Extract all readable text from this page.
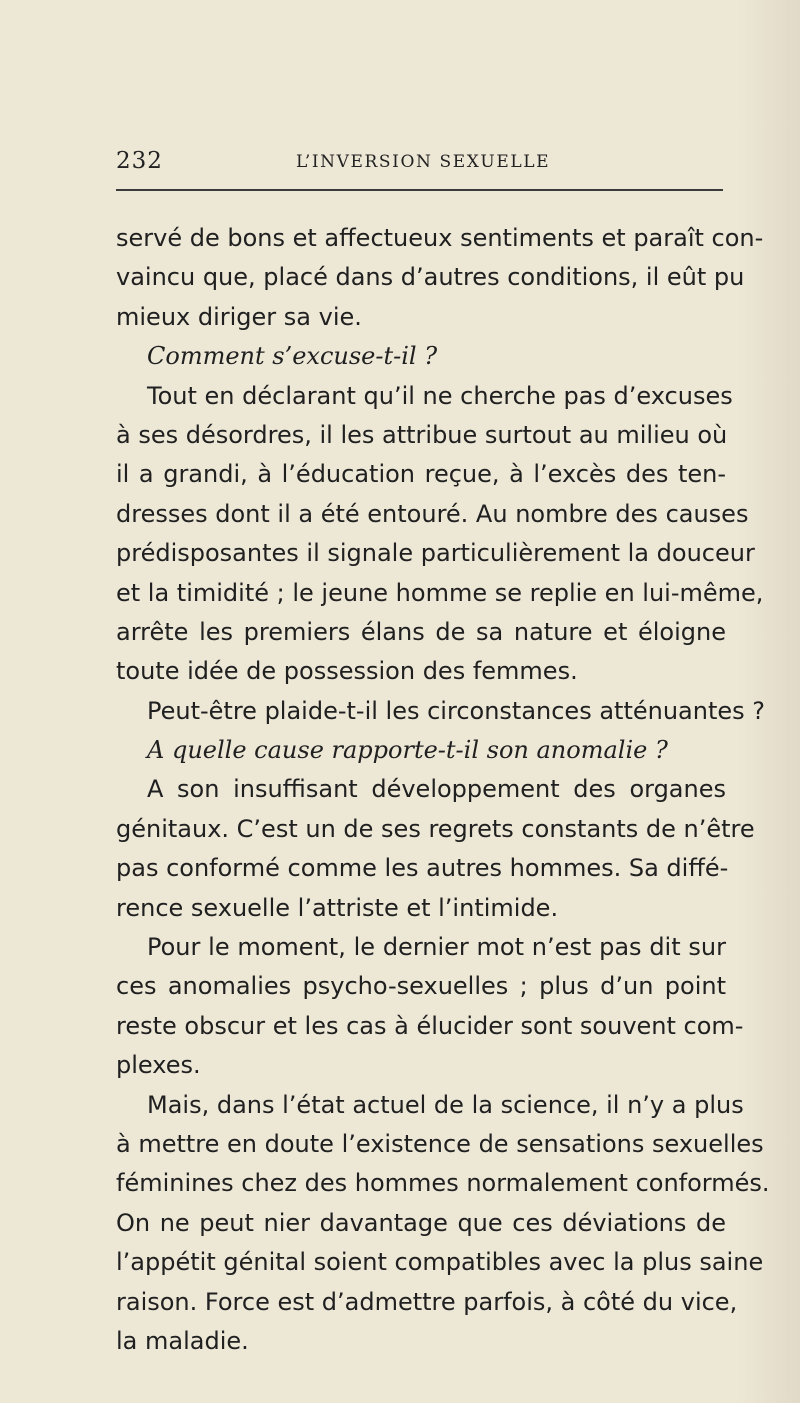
232	L’INVERSION SEXUELLE
servé de bons et affectueux sentiments et paraît con-
vaincu que, placé dans d’autres conditions, il eût pu
mieux diriger sa vie.
Comment s’excuse-t-il ?
Tout en déclarant qu’il ne cherche pas d’excuses
à ses désordres, il les attribue surtout au milieu où
il a grandi, à l’éducation reçue, à l’excès des ten-
dresses dont il a été entouré. Au nombre des causes
prédisposantes il signale particulièrement la douceur
et la timidité ; le jeune homme se replie en lui-même,
arrête les premiers élans de sa nature et éloigne
toute idée de possession des femmes.
Peut-être plaide-t-il les circonstances atténuantes ?
A quelle cause rapporte-t-il son anomalie ?
A son insuffisant développement des organes
génitaux. C’est un de ses regrets constants de n’être
pas conformé comme les autres hommes. Sa diffé-
rence sexuelle l’attriste et l’intimide.
Pour le moment, le dernier mot n’est pas dit sur
ces anomalies psycho-sexuelles ; plus d’un point
reste obscur et les cas à élucider sont souvent com-
plexes.
Mais, dans l’état actuel de la science, il n’y a plus
à mettre en doute l’existence de sensations sexuelles
féminines chez des hommes normalement conformés.
On ne peut nier davantage que ces déviations de
l’appétit génital soient compatibles avec la plus saine
raison. Force est d’admettre parfois, à côté du vice,
la maladie.
